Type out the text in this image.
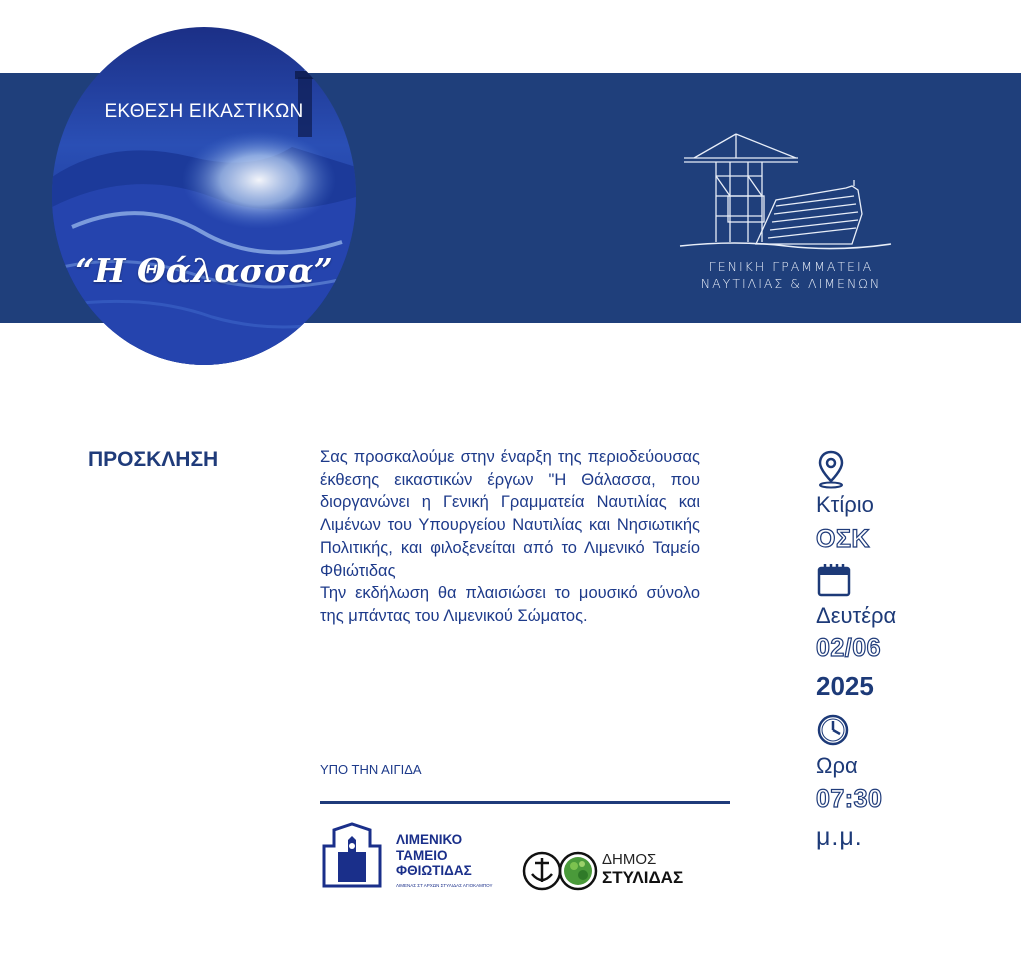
ΕΚΘΕΣΗ ΕΙΚΑΣΤΙΚΩΝ
“Η Θάλασσα”	ΓΕΝΙΚΗ ΓΡΑΜΜΑΤΕΙΑ
ΝΑΥΤΙΛΙΑΣ & ΛΙΜΕΝΩΝ
ΠΡΟΣΚΛΗΣΗ	Σας προσκαλούμε στην έναρξη της περιοδεύουσας έκθεσης εικαστικών έργων "Η Θάλασσα, που διοργανώνει η Γενική Γραμματεία Ναυτιλίας και Λιμένων του Υπουργείου Ναυτιλίας και Νησιωτικής Πολιτικής, και φιλοξενείται από το Λιμενικό Ταμείο Φθιώτιδας

Την εκδήλωση θα πλαισιώσει το μουσικό σύνολο της μπάντας του Λιμενικού Σώματος.

ΥΠΟ ΤΗΝ ΑΙΓΙΔΑ
ΛΙΜΕΝΙΚΟ
ΤΑΜΕΙΟ
ΦΘΙΩΤΙΔΑΣ
ΛΙΜΕΝΑΣ ΣΤ ΑΡΧΩΝ ΣΤΥΛΙΔΑΣ ΑΓΙΟΚΑΜΠΟΥ
ΔΗΜΟΣ
ΣΤΥΛΙΔΑΣ
Κτίριο
ΟΣΚ
Δευτέρα
02/06
2025
Ωρα
07:30
μ.μ.
